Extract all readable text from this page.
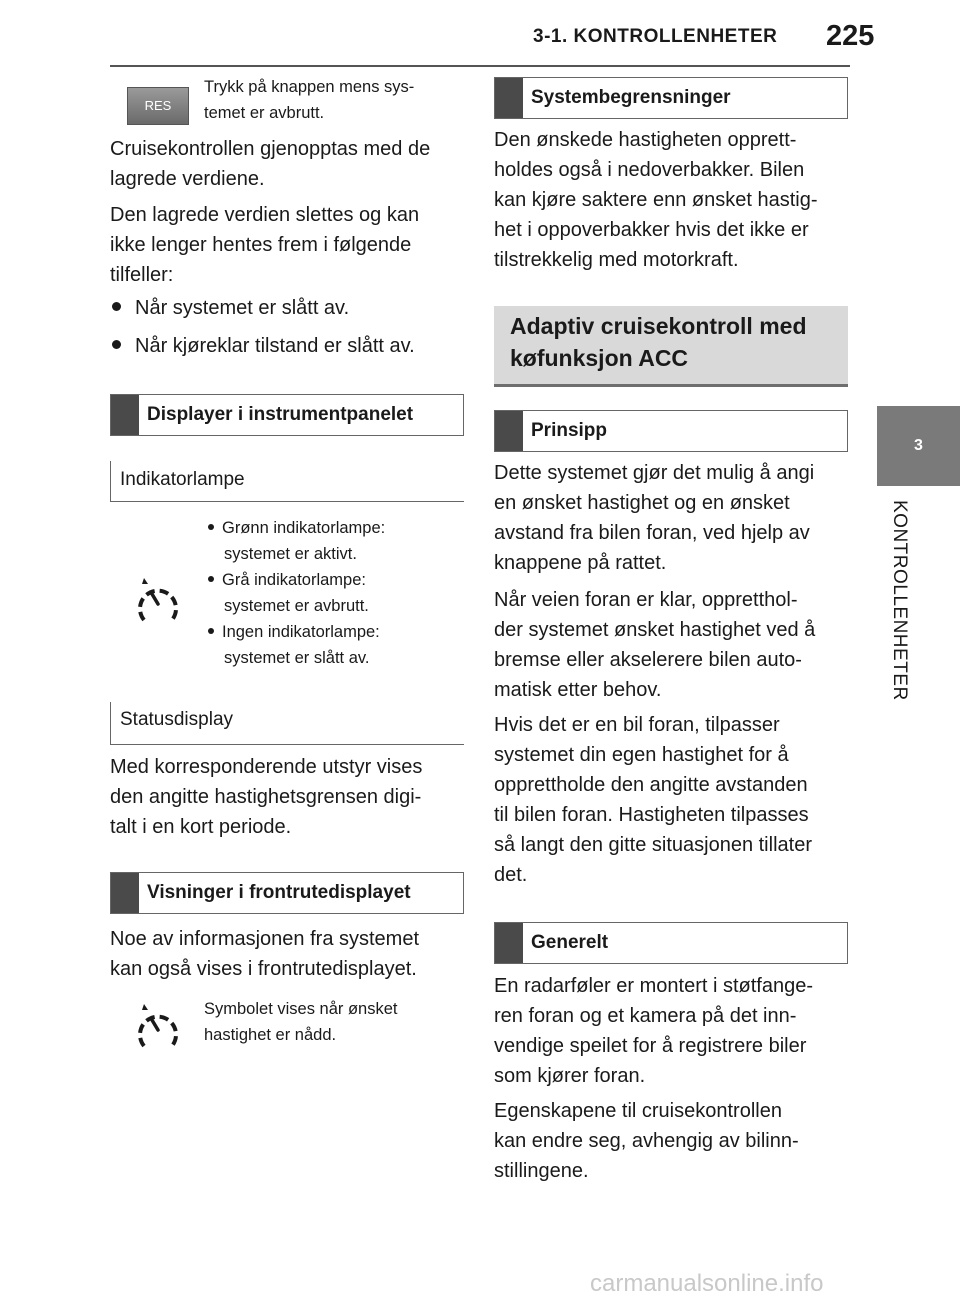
3-1. KONTROLLENHETER 225
3
KONTROLLENHETER
RES
Trykk på knappen mens sys-
temet er avbrutt.
Cruisekontrollen gjenopptas med de
lagrede verdiene.
Den lagrede verdien slettes og kan
ikke lenger hentes frem i følgende
tilfeller:
Når systemet er slått av.
Når kjøreklar tilstand er slått av.
Displayer i instrumentpanelet
Indikatorlampe
Grønn indikatorlampe:
systemet er aktivt.
Grå indikatorlampe:
systemet er avbrutt.
Ingen indikatorlampe:
systemet er slått av.
Statusdisplay
Med korresponderende utstyr vises
den angitte hastighetsgrensen digi-
talt i en kort periode.
Visninger i frontrutedisplayet
Noe av informasjonen fra systemet
kan også vises i frontrutedisplayet.
Symbolet vises når ønsket
hastighet er nådd.
Systembegrensninger
Den ønskede hastigheten opprett-
holdes også i nedoverbakker. Bilen
kan kjøre saktere enn ønsket hastig-
het i oppoverbakker hvis det ikke er
tilstrekkelig med motorkraft.
Adaptiv cruisekontroll med
køfunksjon ACC
Prinsipp
Dette systemet gjør det mulig å angi
en ønsket hastighet og en ønsket
avstand fra bilen foran, ved hjelp av
knappene på rattet.
Når veien foran er klar, oppretthol-
der systemet ønsket hastighet ved å
bremse eller akselerere bilen auto-
matisk etter behov.
Hvis det er en bil foran, tilpasser
systemet din egen hastighet for å
opprettholde den angitte avstanden
til bilen foran. Hastigheten tilpasses
så langt den gitte situasjonen tillater
det.
Generelt
En radarføler er montert i støtfange-
ren foran og et kamera på det inn-
vendige speilet for å registrere biler
som kjører foran.
Egenskapene til cruisekontrollen
kan endre seg, avhengig av bilinn-
stillingene.
carmanualsonline.info
